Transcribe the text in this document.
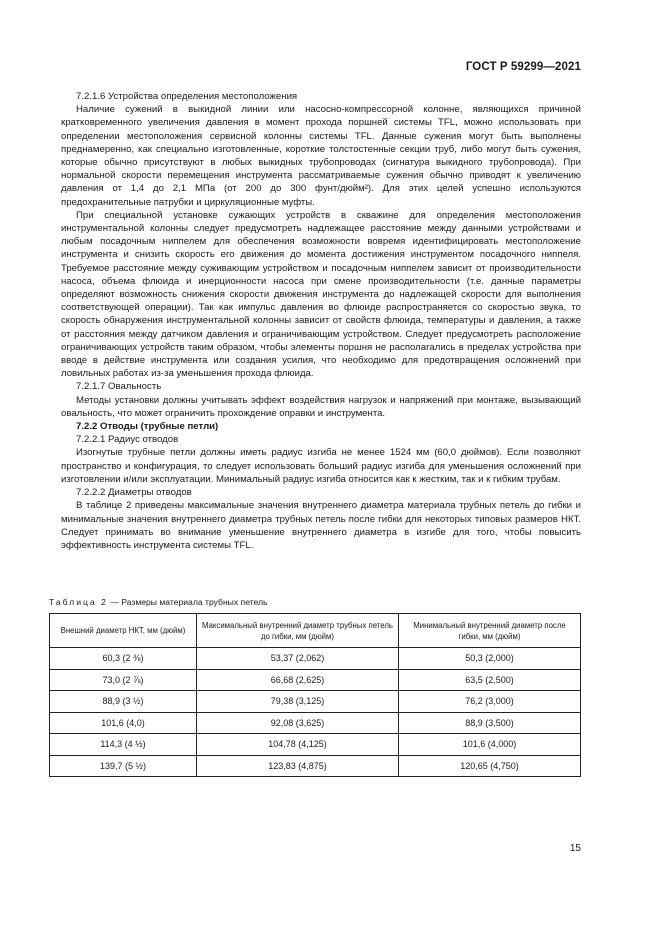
ГОСТ Р 59299—2021

7.2.1.6 Устройства определения местоположения

Наличие сужений в выкидной линии или насосно-компрессорной колонне, являющихся причиной кратковременного увеличения давления в момент прохода поршней системы TFL, можно использовать при определении местоположения сервисной колонны системы TFL. Данные сужения могут быть выполнены преднамеренно, как специально изготовленные, короткие толстостенные секции труб, либо могут быть сужения, которые обычно присутствуют в любых выкидных трубопроводах (сигнатура выкидного трубопровода). При нормальной скорости перемещения инструмента рассматриваемые сужения обычно приводят к увеличению давления от 1,4 до 2,1 МПа (от 200 до 300 фунт/дюйм²). Для этих целей успешно используются предохранительные патрубки и циркуляционные муфты.

При специальной установке сужающих устройств в скважине для определения местоположения инструментальной колонны следует предусмотреть надлежащее расстояние между данными устройствами и любым посадочным ниппелем для обеспечения возможности вовремя идентифицировать местоположение инструмента и снизить скорость его движения до момента достижения инструментом посадочного ниппеля. Требуемое расстояние между суживающим устройством и посадочным ниппелем зависит от производительности насоса, объема флюида и инерционности насоса при смене производительности (т.е. данные параметры определяют возможность снижения скорости движения инструмента до надлежащей скорости для выполнения соответствующей операции). Так как импульс давления во флюиде распространяется со скоростью звука, то скорость обнаружения инструментальной колонны зависит от свойств флюида, температуры и давления, а также от расстояния между датчиком давления и ограничивающим устройством. Следует предусмотреть расположение ограничивающих устройств таким образом, чтобы элементы поршня не располагались в пределах устройства при вводе в действие инструмента или создания усилия, что необходимо для предотвращения осложнений при ловильных работах из-за уменьшения прохода флюида.

7.2.1.7 Овальность

Методы установки должны учитывать эффект воздействия нагрузок и напряжений при монтаже, вызывающий овальность, что может ограничить прохождение оправки и инструмента.

7.2.2 Отводы (трубные петли)

7.2.2.1 Радиус отводов

Изогнутые трубные петли должны иметь радиус изгиба не менее 1524 мм (60,0 дюймов). Если позволяют пространство и конфигурация, то следует использовать больший радиус изгиба для уменьшения осложнений при изготовлении и/или эксплуатации. Минимальный радиус изгиба относится как к жестким, так и к гибким трубам.

7.2.2.2 Диаметры отводов

В таблице 2 приведены максимальные значения внутреннего диаметра материала трубных петель до гибки и минимальные значения внутреннего диаметра трубных петель после гибки для некоторых типовых размеров НКТ. Следует принимать во внимание уменьшение внутреннего диаметра в изгибе для того, чтобы повысить эффективность инструмента системы TFL.

Таблица 2 — Размеры материала трубных петель
Внешний диаметр НКТ, мм (дюйм)	Максимальный внутренний диаметр трубных петель до гибки, мм (дюйм)	Минимальный внутренний диаметр после гибки, мм (дюйм)
60,3 (2 ⅜)	53,37 (2,062)	50,3 (2,000)
73,0 (2 ⅞)	66,68 (2,625)	63,5 (2,500)
88,9 (3 ½)	79,38 (3,125)	76,2 (3,000)
101,6 (4,0)	92,08 (3,625)	88,9 (3,500)
114,3 (4 ½)	104,78 (4,125)	101,6 (4,000)
139,7 (5 ½)	123,83 (4,875)	120,65 (4,750)
15
